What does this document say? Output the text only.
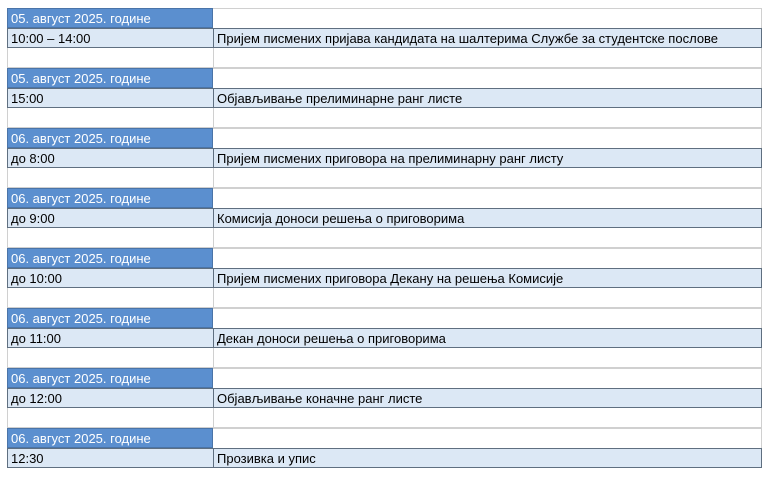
05. август 2025. године
10:00 – 14:00	Пријем писмених пријава кандидата на шалтерима Службе за студентске послове
05. август 2025. године
15:00	Објављивање прелиминарне ранг листе
06. август 2025. године
до 8:00	Пријем писмених приговора на прелиминарну ранг листу
06. август 2025. године
до 9:00	Комисија доноси решења о приговорима
06. август 2025. године
до 10:00	Пријем писмених приговора Декану на решења Комисије
06. август 2025. године
до 11:00	Декан доноси решења о приговорима
06. август 2025. године
до 12:00	Објављивање коначне ранг листе
06. август 2025. године
12:30	Прозивка и упис
